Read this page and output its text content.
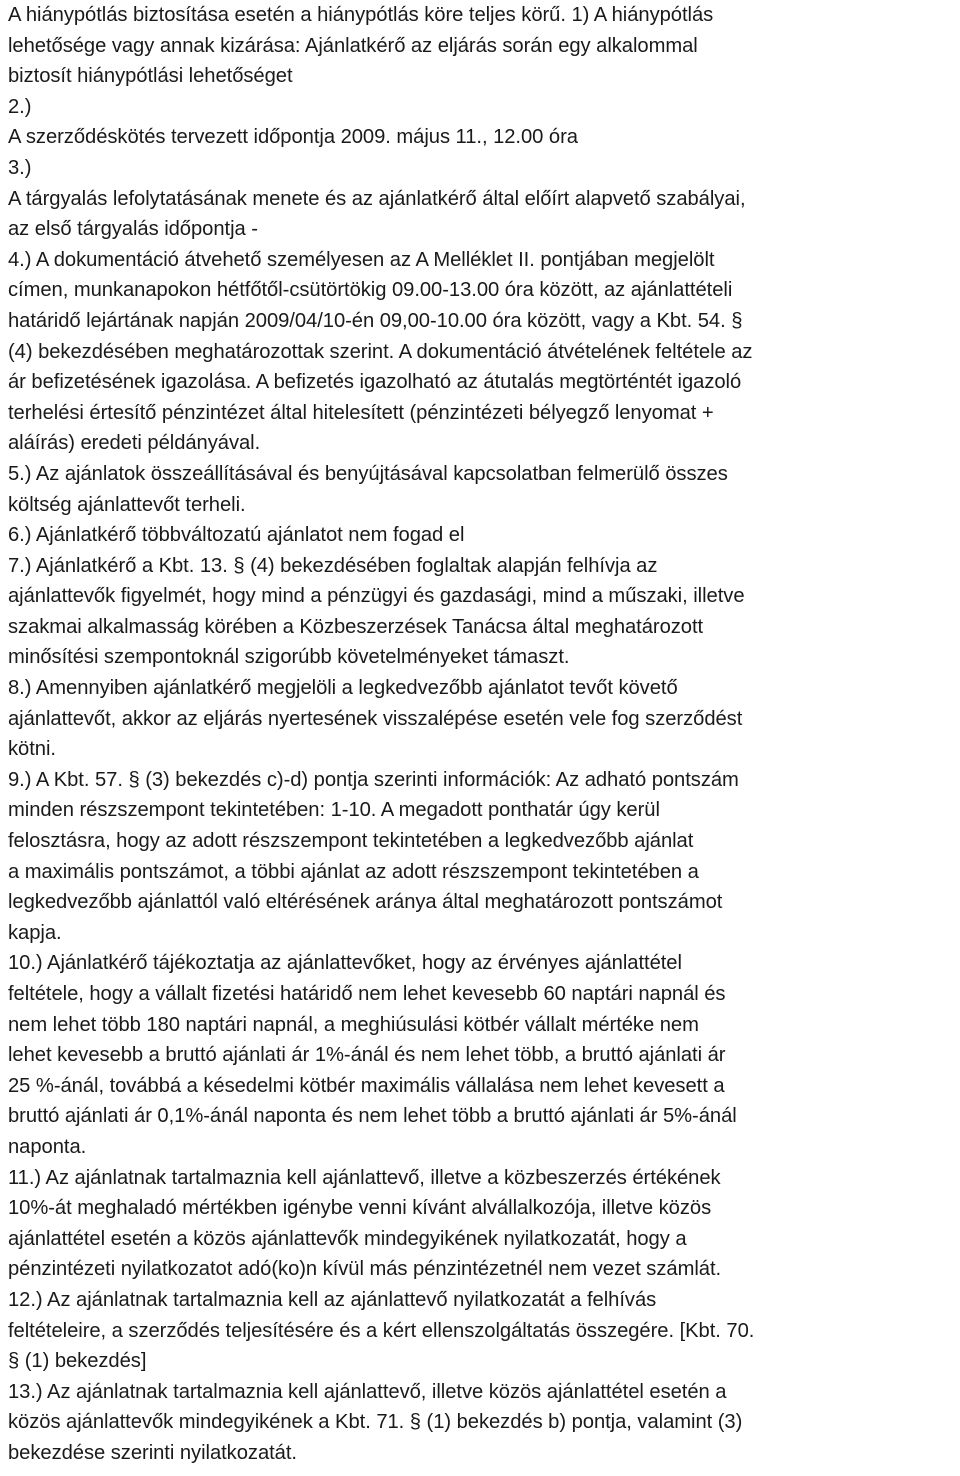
A hiánypótlás biztosítása esetén a hiánypótlás köre teljes körű. 1) A hiánypótlás
lehetősége vagy annak kizárása: Ajánlatkérő az eljárás során egy alkalommal
biztosít hiánypótlási lehetőséget
2.)
A szerződéskötés tervezett időpontja 2009. május 11., 12.00 óra
3.)
A tárgyalás lefolytatásának menete és az ajánlatkérő által előírt alapvető szabályai,
az első tárgyalás időpontja -
4.) A dokumentáció átvehető személyesen az A Melléklet II. pontjában megjelölt
címen, munkanapokon hétfőtől-csütörtökig 09.00-13.00 óra között, az ajánlattételi
határidő lejártának napján 2009/04/10-én 09,00-10.00 óra között, vagy a Kbt. 54. §
(4) bekezdésében meghatározottak szerint. A dokumentáció átvételének feltétele az
ár befizetésének igazolása. A befizetés igazolható az átutalás megtörténtét igazoló
terhelési értesítő pénzintézet által hitelesített (pénzintézeti bélyegző lenyomat +
aláírás) eredeti példányával.
5.) Az ajánlatok összeállításával és benyújtásával kapcsolatban felmerülő összes
költség ajánlattevőt terheli.
6.) Ajánlatkérő többváltozatú ajánlatot nem fogad el
7.) Ajánlatkérő a Kbt. 13. § (4) bekezdésében foglaltak alapján felhívja az
ajánlattevők figyelmét, hogy mind a pénzügyi és gazdasági, mind a műszaki, illetve
szakmai alkalmasság körében a Közbeszerzések Tanácsa által meghatározott
minősítési szempontoknál szigorúbb követelményeket támaszt.
8.) Amennyiben ajánlatkérő megjelöli a legkedvezőbb ajánlatot tevőt követő
ajánlattevőt, akkor az eljárás nyertesének visszalépése esetén vele fog szerződést
kötni.
9.) A Kbt. 57. § (3) bekezdés c)-d) pontja szerinti információk: Az adható pontszám
minden részszempont tekintetében: 1-10. A megadott ponthatár úgy kerül
felosztásra, hogy az adott részszempont tekintetében a legkedvezőbb ajánlat
a maximális pontszámot, a többi ajánlat az adott részszempont tekintetében a
legkedvezőbb ajánlattól való eltérésének aránya által meghatározott pontszámot
kapja.
10.) Ajánlatkérő tájékoztatja az ajánlattevőket, hogy az érvényes ajánlattétel
feltétele, hogy a vállalt fizetési határidő nem lehet kevesebb 60 naptári napnál és
nem lehet több 180 naptári napnál, a meghiúsulási kötbér vállalt mértéke nem
lehet kevesebb a bruttó ajánlati ár 1%-ánál és nem lehet több, a bruttó ajánlati ár
25 %-ánál, továbbá a késedelmi kötbér maximális vállalása nem lehet kevesett a
bruttó ajánlati ár 0,1%-ánál naponta és nem lehet több a bruttó ajánlati ár 5%-ánál
naponta.
11.) Az ajánlatnak tartalmaznia kell ajánlattevő, illetve a közbeszerzés értékének
10%-át meghaladó mértékben igénybe venni kívánt alvállalkozója, illetve közös
ajánlattétel esetén a közös ajánlattevők mindegyikének nyilatkozatát, hogy a
pénzintézeti nyilatkozatot adó(ko)n kívül más pénzintézetnél nem vezet számlát.
12.) Az ajánlatnak tartalmaznia kell az ajánlattevő nyilatkozatát a felhívás
feltételeire, a szerződés teljesítésére és a kért ellenszolgáltatás összegére. [Kbt. 70.
§ (1) bekezdés]
13.) Az ajánlatnak tartalmaznia kell ajánlattevő, illetve közös ajánlattétel esetén a
közös ajánlattevők mindegyikének a Kbt. 71. § (1) bekezdés b) pontja, valamint (3)
bekezdése szerinti nyilatkozatát.
